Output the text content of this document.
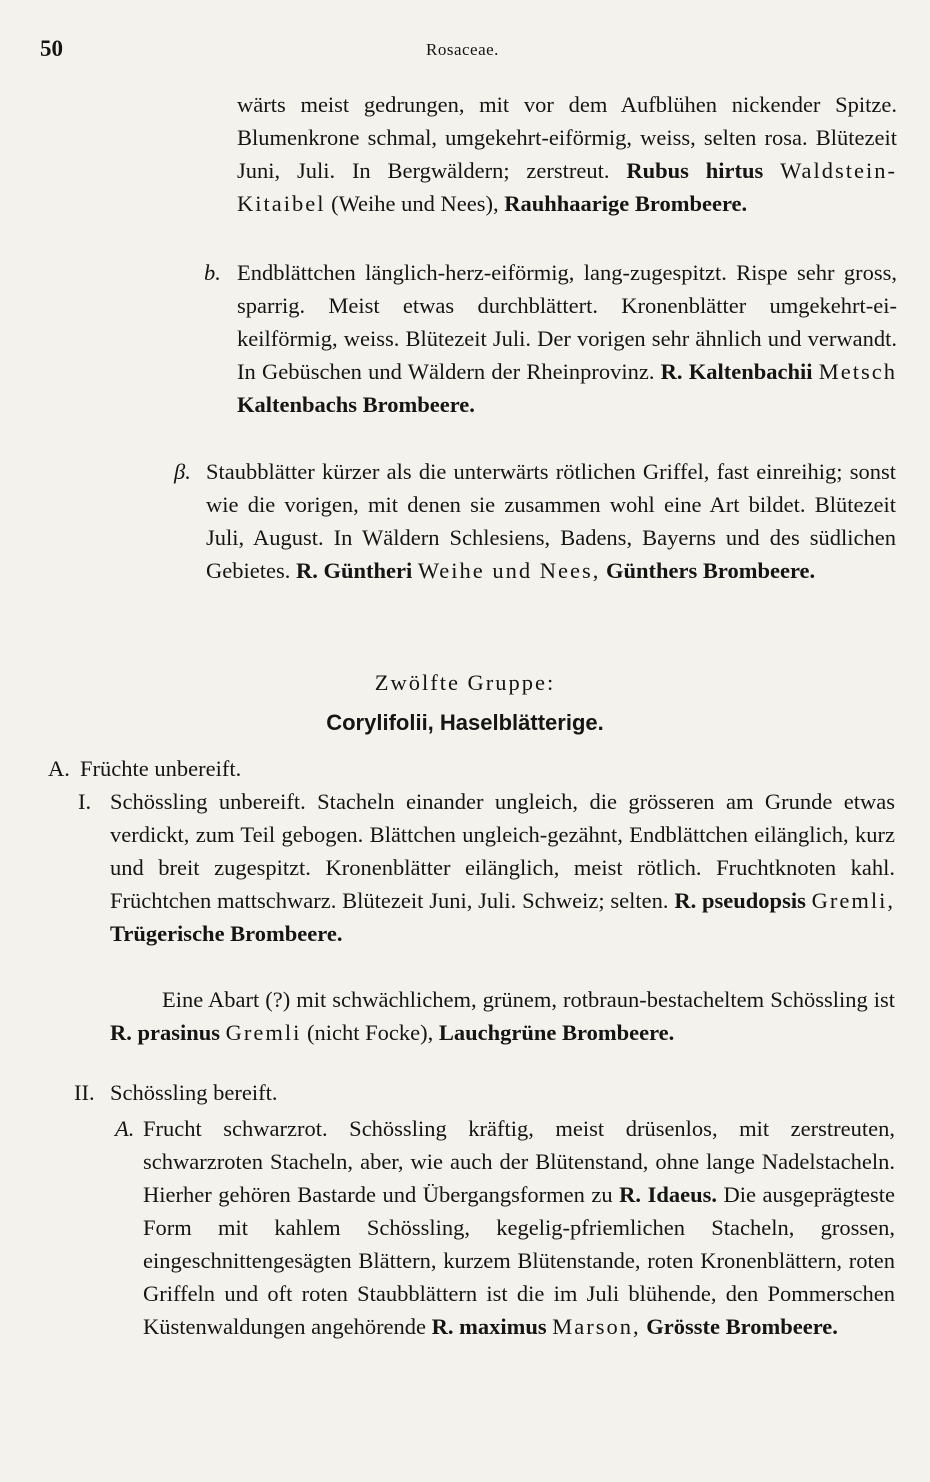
50	Rosaceae.
wärts meist gedrungen, mit vor dem Aufblühen nickender Spitze. Blumenkrone schmal, umgekehrt-eiförmig, weiss, selten rosa. Blütezeit Juni, Juli. In Bergwäldern; zerstreut. Rubus hirtus Waldstein-Kitaibel (Weihe und Nees), Rauhhaarige Brombeere.
b. Endblättchen länglich-herz-eiförmig, lang-zugespitzt. Rispe sehr gross, sparrig. Meist etwas durchblättert. Kronenblätter umgekehrt-ei-keilförmig, weiss. Blütezeit Juli. Der vorigen sehr ähnlich und verwandt. In Gebüschen und Wäldern der Rheinprovinz. R. Kaltenbachii Metsch Kaltenbachs Brombeere.
β. Staubblätter kürzer als die unterwärts rötlichen Griffel, fast einreihig; sonst wie die vorigen, mit denen sie zusammen wohl eine Art bildet. Blütezeit Juli, August. In Wäldern Schlesiens, Badens, Bayerns und des südlichen Gebietes. R. Güntheri Weihe und Nees, Günthers Brombeere.
Zwölfte Gruppe:
Corylifolii, Haselblätterige.
A. Früchte unbereift.
I. Schössling unbereift. Stacheln einander ungleich, die grösseren am Grunde etwas verdickt, zum Teil gebogen. Blättchen ungleich-gezähnt, Endblättchen eilänglich, kurz und breit zugespitzt. Kronenblätter eilänglich, meist rötlich. Fruchtknoten kahl. Früchtchen mattschwarz. Blütezeit Juni, Juli. Schweiz; selten. R. pseudopsis Gremli, Trügerische Brombeere.
Eine Abart (?) mit schwächlichem, grünem, rotbraun-bestacheltem Schössling ist R. prasinus Gremli (nicht Focke), Lauchgrüne Brombeere.
II. Schössling bereift.
A. Frucht schwarzrot. Schössling kräftig, meist drüsenlos, mit zerstreuten, schwarzroten Stacheln, aber, wie auch der Blütenstand, ohne lange Nadelstacheln. Hierher gehören Bastarde und Übergangsformen zu R. Idaeus. Die ausgeprägteste Form mit kahlem Schössling, kegelig-pfriemlichen Stacheln, grossen, eingeschnittengesägten Blättern, kurzem Blütenstande, roten Kronenblättern, roten Griffeln und oft roten Staubblättern ist die im Juli blühende, den Pommerschen Küstenwaldungen angehörende R. maximus Marson, Grösste Brombeere.
